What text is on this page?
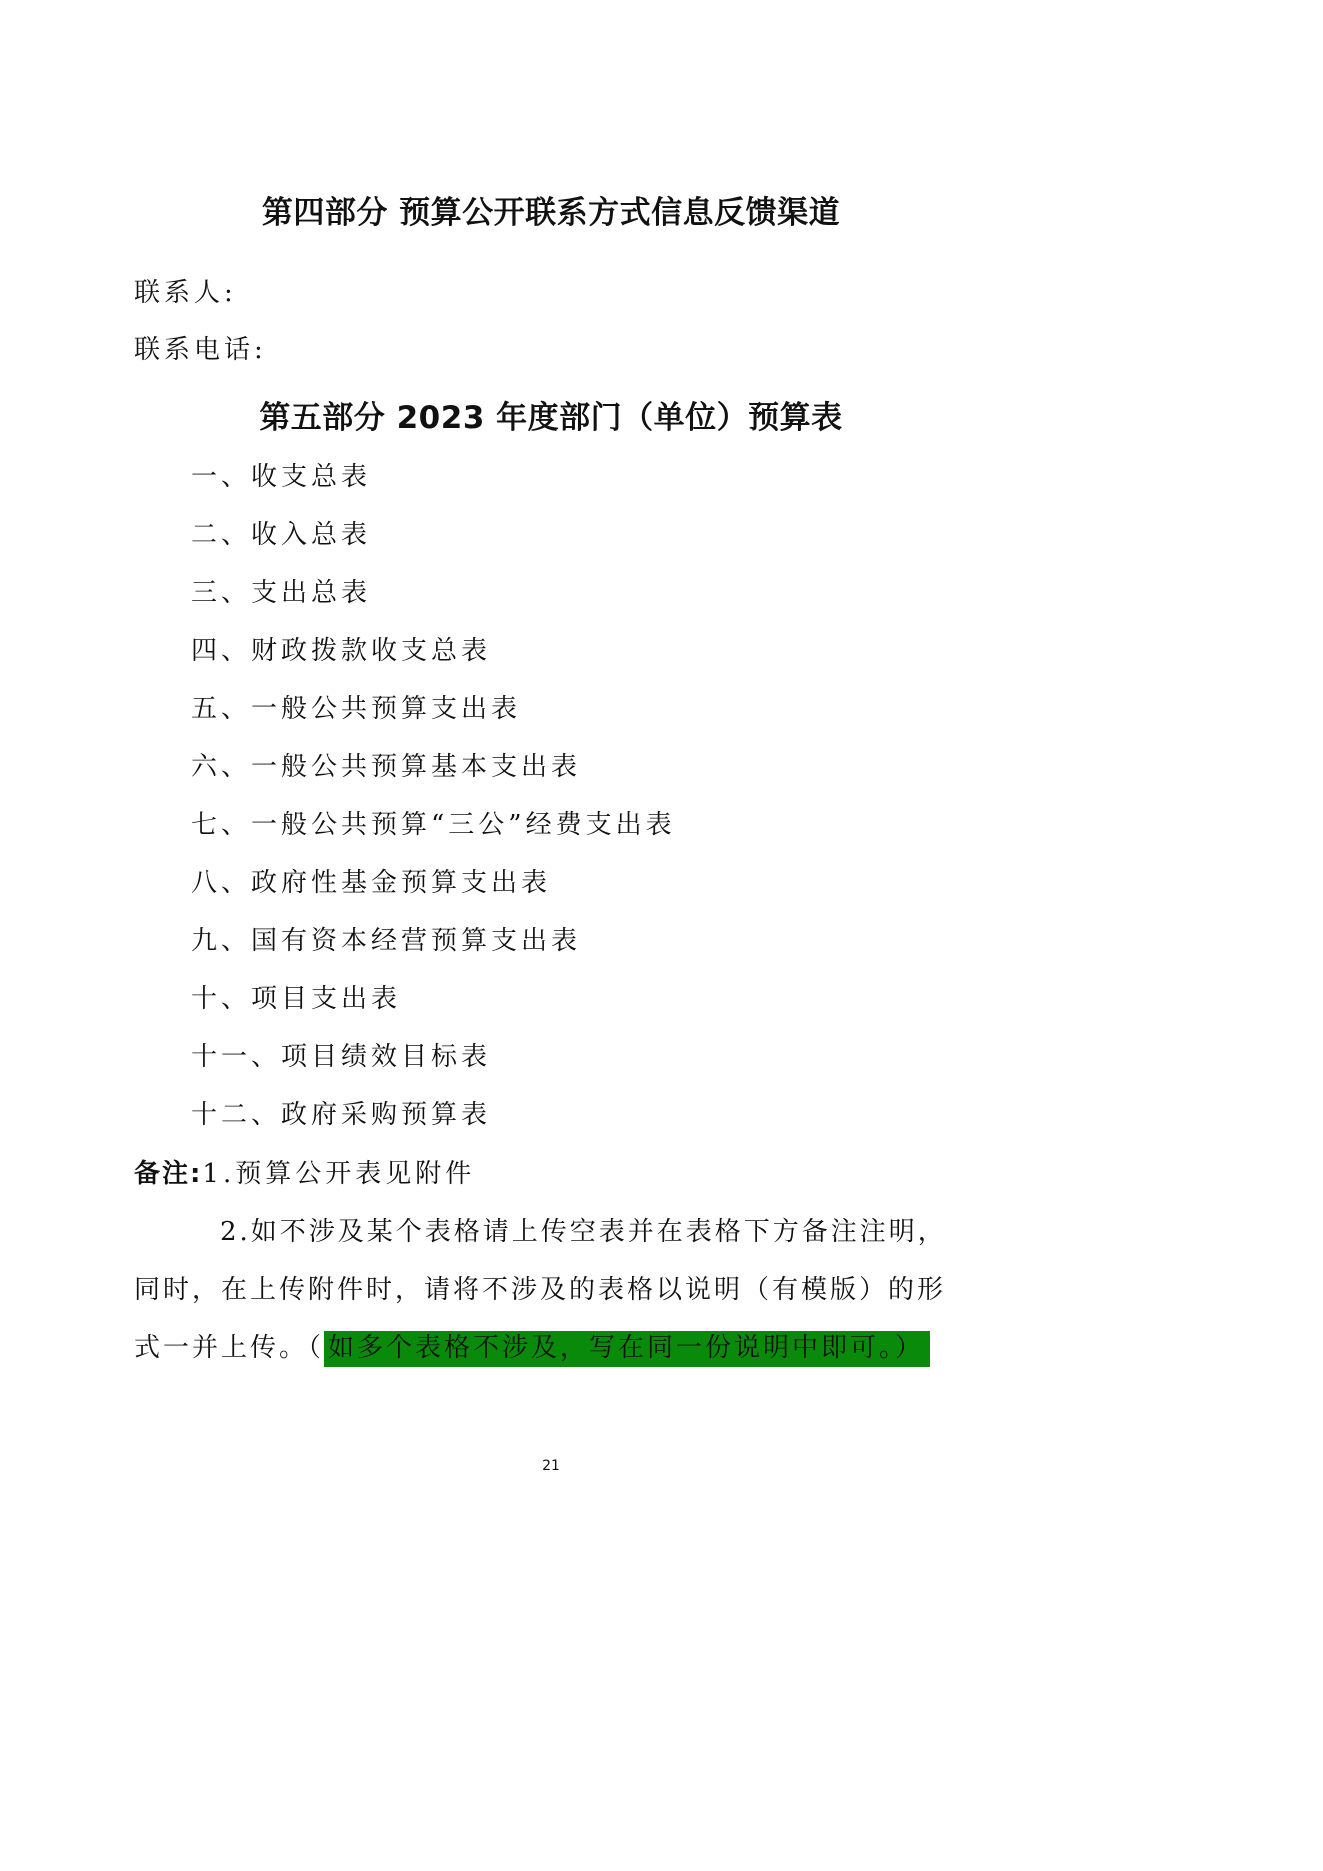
第四部分 预算公开联系方式信息反馈渠道
联系人:
联系电话:
第五部分 2023 年度部门（单位）预算表
一、收支总表
二、收入总表
三、支出总表
四、财政拨款收支总表
五、一般公共预算支出表
六、一般公共预算基本支出表
七、一般公共预算“三公”经费支出表
八、政府性基金预算支出表
九、国有资本经营预算支出表
十、项目支出表
十一、项目绩效目标表
十二、政府采购预算表
备注:1.预算公开表见附件
2.如不涉及某个表格请上传空表并在表格下方备注注明，
同时，在上传附件时，请将不涉及的表格以说明（有模版）的形
式一并上传。（ 如多个表格不涉及，写在同一份说明中即可。）
21
